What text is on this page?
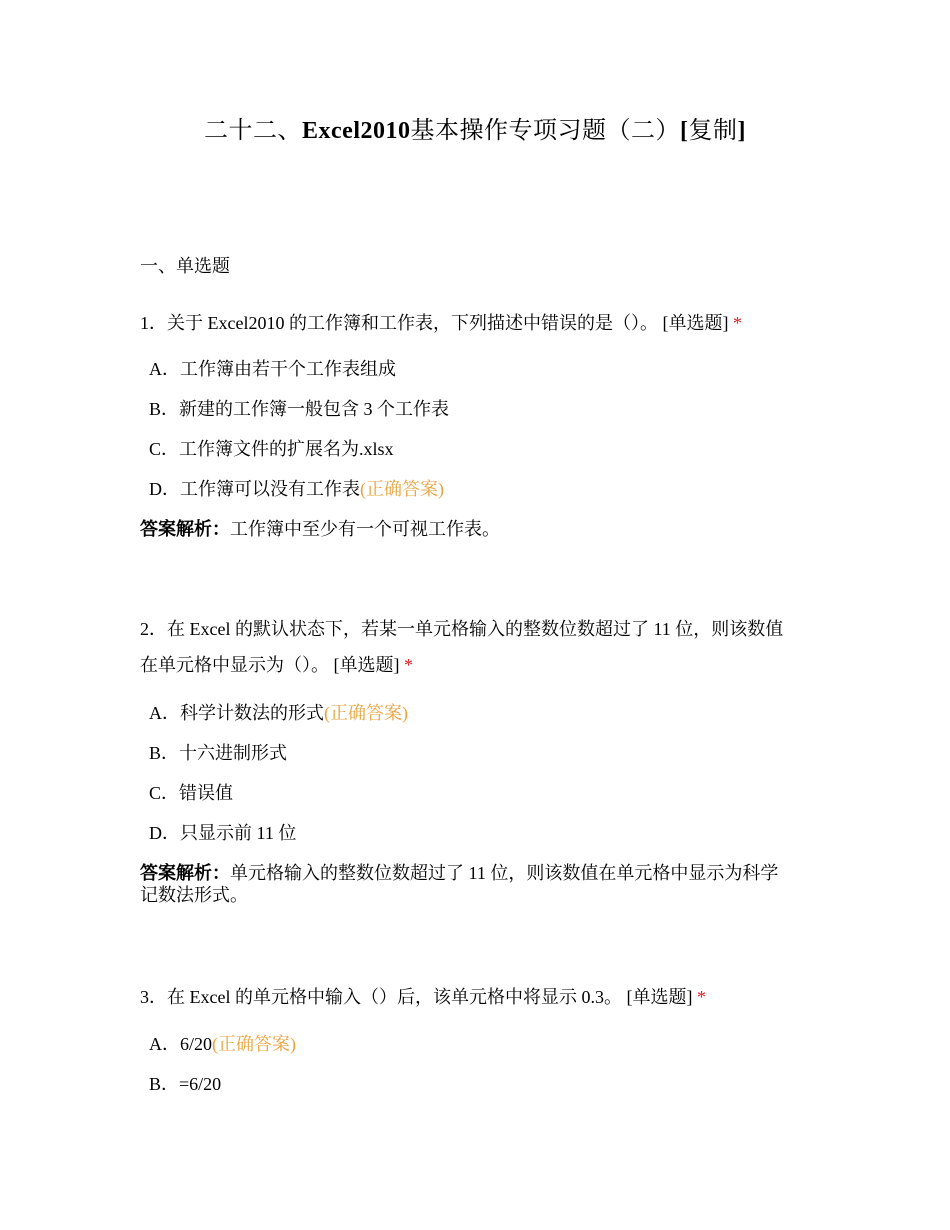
二十二、Excel2010基本操作专项习题（二）[复制]
一、单选题
1．关于 Excel2010 的工作簿和工作表，下列描述中错误的是（）。 [单选题] *
A．工作簿由若干个工作表组成
B．新建的工作簿一般包含 3 个工作表
C．工作簿文件的扩展名为.xlsx
D．工作簿可以没有工作表(正确答案)
答案解析：工作簿中至少有一个可视工作表。
2．在 Excel 的默认状态下，若某一单元格输入的整数位数超过了 11 位，则该数值
在单元格中显示为（）。 [单选题] *
A．科学计数法的形式(正确答案)
B．十六进制形式
C．错误值
D．只显示前 11 位
答案解析：单元格输入的整数位数超过了 11 位，则该数值在单元格中显示为科学
记数法形式。
3．在 Excel 的单元格中输入（）后，该单元格中将显示 0.3。 [单选题] *
A．6/20(正确答案)
B．=6/20
